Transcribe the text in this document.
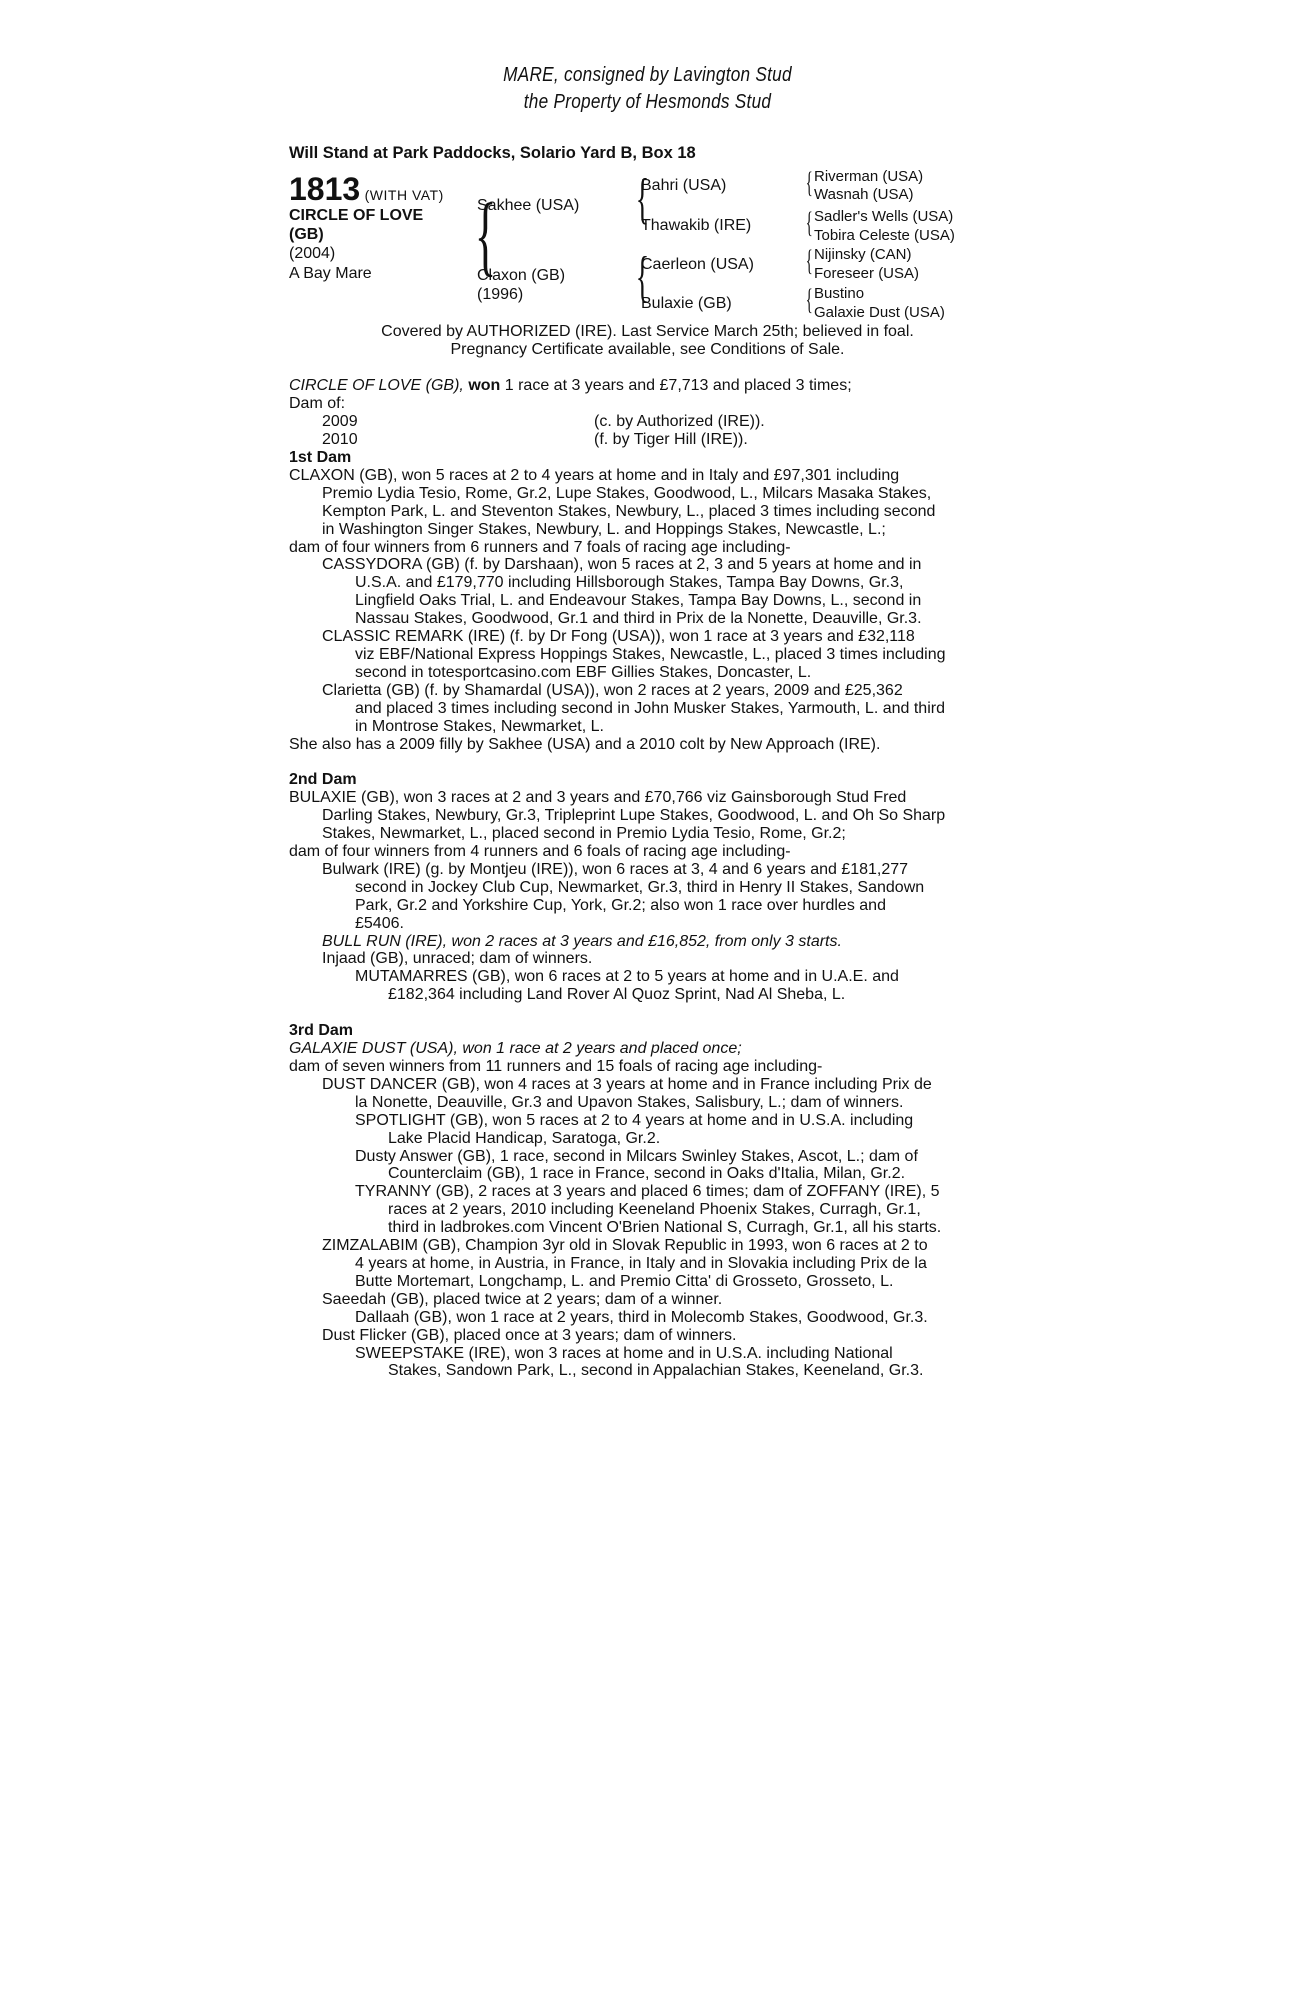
MARE, consigned by Lavington Stud
the Property of Hesmonds Stud
Will Stand at Park Paddocks, Solario Yard B, Box 18
1813 (WITH VAT)
CIRCLE OF LOVE
(GB)
(2004)
A Bay Mare {
Sakhee (USA)
Claxon (GB)
(1996)
{
Bahri (USA)
Thawakib (IRE)
{
Caerleon (USA)
Bulaxie (GB)
{ Riverman (USA)
Wasnah (USA)
{ Sadler's Wells (USA)
Tobira Celeste (USA)
{ Nijinsky (CAN)
Foreseer (USA)
{ Bustino
Galaxie Dust (USA)
Covered by AUTHORIZED (IRE). Last Service March 25th; believed in foal.
Pregnancy Certificate available, see Conditions of Sale.
CIRCLE OF LOVE (GB), won 1 race at 3 years and £7,713 and placed 3 times;
Dam of:
2009	(c. by Authorized (IRE)).
2010	(f. by Tiger Hill (IRE)).
1st Dam
CLAXON (GB), won 5 races at 2 to 4 years at home and in Italy and £97,301 including
Premio Lydia Tesio, Rome, Gr.2, Lupe Stakes, Goodwood, L., Milcars Masaka Stakes,
Kempton Park, L. and Steventon Stakes, Newbury, L., placed 3 times including second
in Washington Singer Stakes, Newbury, L. and Hoppings Stakes, Newcastle, L.;
dam of four winners from 6 runners and 7 foals of racing age including-
CASSYDORA (GB) (f. by Darshaan), won 5 races at 2, 3 and 5 years at home and in
U.S.A. and £179,770 including Hillsborough Stakes, Tampa Bay Downs, Gr.3,
Lingfield Oaks Trial, L. and Endeavour Stakes, Tampa Bay Downs, L., second in
Nassau Stakes, Goodwood, Gr.1 and third in Prix de la Nonette, Deauville, Gr.3.
CLASSIC REMARK (IRE) (f. by Dr Fong (USA)), won 1 race at 3 years and £32,118
viz EBF/National Express Hoppings Stakes, Newcastle, L., placed 3 times including
second in totesportcasino.com EBF Gillies Stakes, Doncaster, L.
Clarietta (GB) (f. by Shamardal (USA)), won 2 races at 2 years, 2009 and £25,362
and placed 3 times including second in John Musker Stakes, Yarmouth, L. and third
in Montrose Stakes, Newmarket, L.
She also has a 2009 filly by Sakhee (USA) and a 2010 colt by New Approach (IRE).
2nd Dam
BULAXIE (GB), won 3 races at 2 and 3 years and £70,766 viz Gainsborough Stud Fred
Darling Stakes, Newbury, Gr.3, Tripleprint Lupe Stakes, Goodwood, L. and Oh So Sharp
Stakes, Newmarket, L., placed second in Premio Lydia Tesio, Rome, Gr.2;
dam of four winners from 4 runners and 6 foals of racing age including-
Bulwark (IRE) (g. by Montjeu (IRE)), won 6 races at 3, 4 and 6 years and £181,277
second in Jockey Club Cup, Newmarket, Gr.3, third in Henry II Stakes, Sandown
Park, Gr.2 and Yorkshire Cup, York, Gr.2; also won 1 race over hurdles and
£5406.
BULL RUN (IRE), won 2 races at 3 years and £16,852, from only 3 starts.
Injaad (GB), unraced; dam of winners.
MUTAMARRES (GB), won 6 races at 2 to 5 years at home and in U.A.E. and
£182,364 including Land Rover Al Quoz Sprint, Nad Al Sheba, L.
3rd Dam
GALAXIE DUST (USA), won 1 race at 2 years and placed once;
dam of seven winners from 11 runners and 15 foals of racing age including-
DUST DANCER (GB), won 4 races at 3 years at home and in France including Prix de
la Nonette, Deauville, Gr.3 and Upavon Stakes, Salisbury, L.; dam of winners.
SPOTLIGHT (GB), won 5 races at 2 to 4 years at home and in U.S.A. including
Lake Placid Handicap, Saratoga, Gr.2.
Dusty Answer (GB), 1 race, second in Milcars Swinley Stakes, Ascot, L.; dam of
Counterclaim (GB), 1 race in France, second in Oaks d'Italia, Milan, Gr.2.
TYRANNY (GB), 2 races at 3 years and placed 6 times; dam of ZOFFANY (IRE), 5
races at 2 years, 2010 including Keeneland Phoenix Stakes, Curragh, Gr.1,
third in ladbrokes.com Vincent O'Brien National S, Curragh, Gr.1, all his starts.
ZIMZALABIM (GB), Champion 3yr old in Slovak Republic in 1993, won 6 races at 2 to
4 years at home, in Austria, in France, in Italy and in Slovakia including Prix de la
Butte Mortemart, Longchamp, L. and Premio Citta' di Grosseto, Grosseto, L.
Saeedah (GB), placed twice at 2 years; dam of a winner.
Dallaah (GB), won 1 race at 2 years, third in Molecomb Stakes, Goodwood, Gr.3.
Dust Flicker (GB), placed once at 3 years; dam of winners.
SWEEPSTAKE (IRE), won 3 races at home and in U.S.A. including National
Stakes, Sandown Park, L., second in Appalachian Stakes, Keeneland, Gr.3.
